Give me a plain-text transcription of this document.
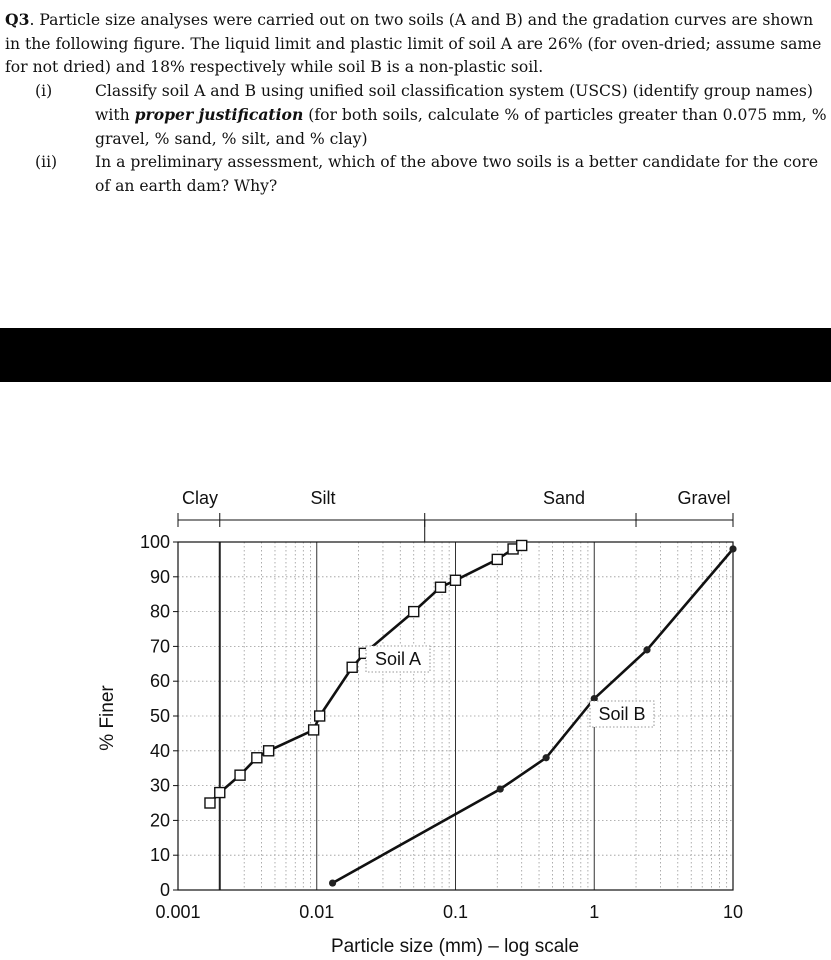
Q3. Particle size analyses were carried out on two soils (A and B) and the gradation curves are shown in the following figure. The liquid limit and plastic limit of soil A are 26% (for oven-dried; assume same for not dried) and 18% respectively while soil B is a non-plastic soil.

(i)	Classify soil A and B using unified soil classification system (USCS) (identify group names) with proper justification (for both soils, calculate % of particles greater than 0.075 mm, % gravel, % sand, % silt, and % clay)

(ii) In a preliminary assessment, which of the above two soils is a better candidate for the core of an earth dam? Why?

Clay	Silt	Sand	Gravel
Soil A
Soil B
0
10
20
30
40
50
60
70
80
90
100
0.001	0.01	0.1	1	10
% Finer
Particle size (mm) – log scale
